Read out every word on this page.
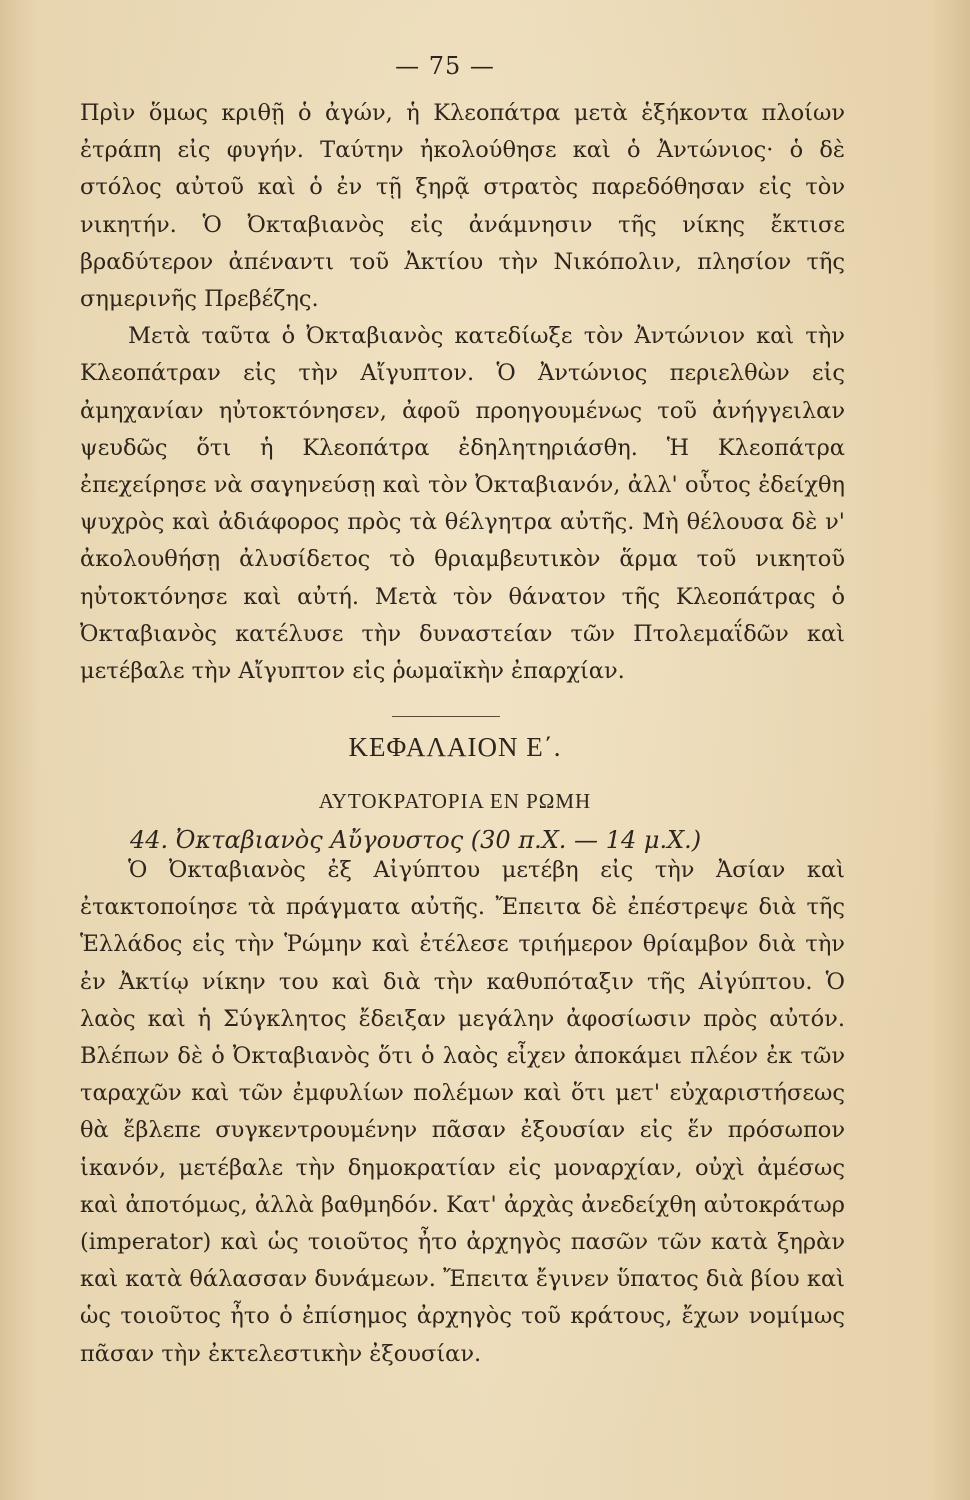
— 75 —

Πρὶν ὅμως κριθῇ ὁ ἀγών, ἡ Κλεοπάτρα μετὰ ἑξήκοντα πλοίων ἐτράπη εἰς φυγήν. Ταύτην ἠκολούθησε καὶ ὁ Ἀντώνιος· ὁ δὲ στόλος αὐτοῦ καὶ ὁ ἐν τῇ ξηρᾷ στρατὸς παρεδόθησαν εἰς τὸν νικητήν. Ὁ Ὀκταβιανὸς εἰς ἀνάμνησιν τῆς νίκης ἔκτισε βραδύτερον ἀπέναντι τοῦ Ἀκτίου τὴν Νικόπολιν, πλησίον τῆς σημερινῆς Πρεβέζης.

Μετὰ ταῦτα ὁ Ὀκταβιανὸς κατεδίωξε τὸν Ἀντώνιον καὶ τὴν Κλεοπάτραν εἰς τὴν Αἴγυπτον. Ὁ Ἀντώνιος περιελθὼν εἰς ἀμηχανίαν ηὐτοκτόνησεν, ἀφοῦ προηγουμένως τοῦ ἀνήγγειλαν ψευδῶς ὅτι ἡ Κλεοπάτρα ἐδηλητηριάσθη. Ἡ Κλεοπάτρα ἐπεχείρησε νὰ σαγηνεύσῃ καὶ τὸν Ὀκταβιανόν, ἀλλ' οὗτος ἐδείχθη ψυχρὸς καὶ ἀδιάφορος πρὸς τὰ θέλγητρα αὐτῆς. Μὴ θέλουσα δὲ ν' ἀκολουθήσῃ ἀλυσίδετος τὸ θριαμβευτικὸν ἅρμα τοῦ νικητοῦ ηὐτοκτόνησε καὶ αὐτή. Μετὰ τὸν θάνατον τῆς Κλεοπάτρας ὁ Ὀκταβιανὸς κατέλυσε τὴν δυναστείαν τῶν Πτολεμαΐδῶν καὶ μετέβαλε τὴν Αἴγυπτον εἰς ῥωμαϊκὴν ἐπαρχίαν.

ΚΕΦΑΛΑΙΟΝ Ε΄.
ΑΥΤΟΚΡΑΤΟΡΙΑ ΕΝ ΡΩΜΗ
44. Ὀκταβιανὸς Αὔγουστος (30 π.Χ. — 14 μ.Χ.)

Ὁ Ὀκταβιανὸς ἐξ Αἰγύπτου μετέβη εἰς τὴν Ἀσίαν καὶ ἐτακτοποίησε τὰ πράγματα αὐτῆς. Ἔπειτα δὲ ἐπέστρεψε διὰ τῆς Ἑλλάδος εἰς τὴν Ῥώμην καὶ ἐτέλεσε τριήμερον θρίαμβον διὰ τὴν ἐν Ἀκτίῳ νίκην του καὶ διὰ τὴν καθυπόταξιν τῆς Αἰγύπτου. Ὁ λαὸς καὶ ἡ Σύγκλητος ἔδειξαν μεγάλην ἀφοσίωσιν πρὸς αὐτόν. Βλέπων δὲ ὁ Ὀκταβιανὸς ὅτι ὁ λαὸς εἶχεν ἀποκάμει πλέον ἐκ τῶν ταραχῶν καὶ τῶν ἐμφυλίων πολέμων καὶ ὅτι μετ' εὐχαριστήσεως θὰ ἔβλεπε συγκεντρουμένην πᾶσαν ἐξουσίαν εἰς ἕν πρόσωπον ἱκανόν, μετέβαλε τὴν δημοκρατίαν εἰς μοναρχίαν, οὐχὶ ἀμέσως καὶ ἀποτόμως, ἀλλὰ βαθμηδόν. Κατ' ἀρχὰς ἀνεδείχθη αὐτοκράτωρ (imperator) καὶ ὡς τοιοῦτος ἦτο ἀρχηγὸς πασῶν τῶν κατὰ ξηρὰν καὶ κατὰ θάλασσαν δυνάμεων. Ἔπειτα ἔγινεν ὕπατος διὰ βίου καὶ ὡς τοιοῦτος ἦτο ὁ ἐπίσημος ἀρχηγὸς τοῦ κράτους, ἔχων νομίμως πᾶσαν τὴν ἐκτελεστικὴν ἐξουσίαν.
